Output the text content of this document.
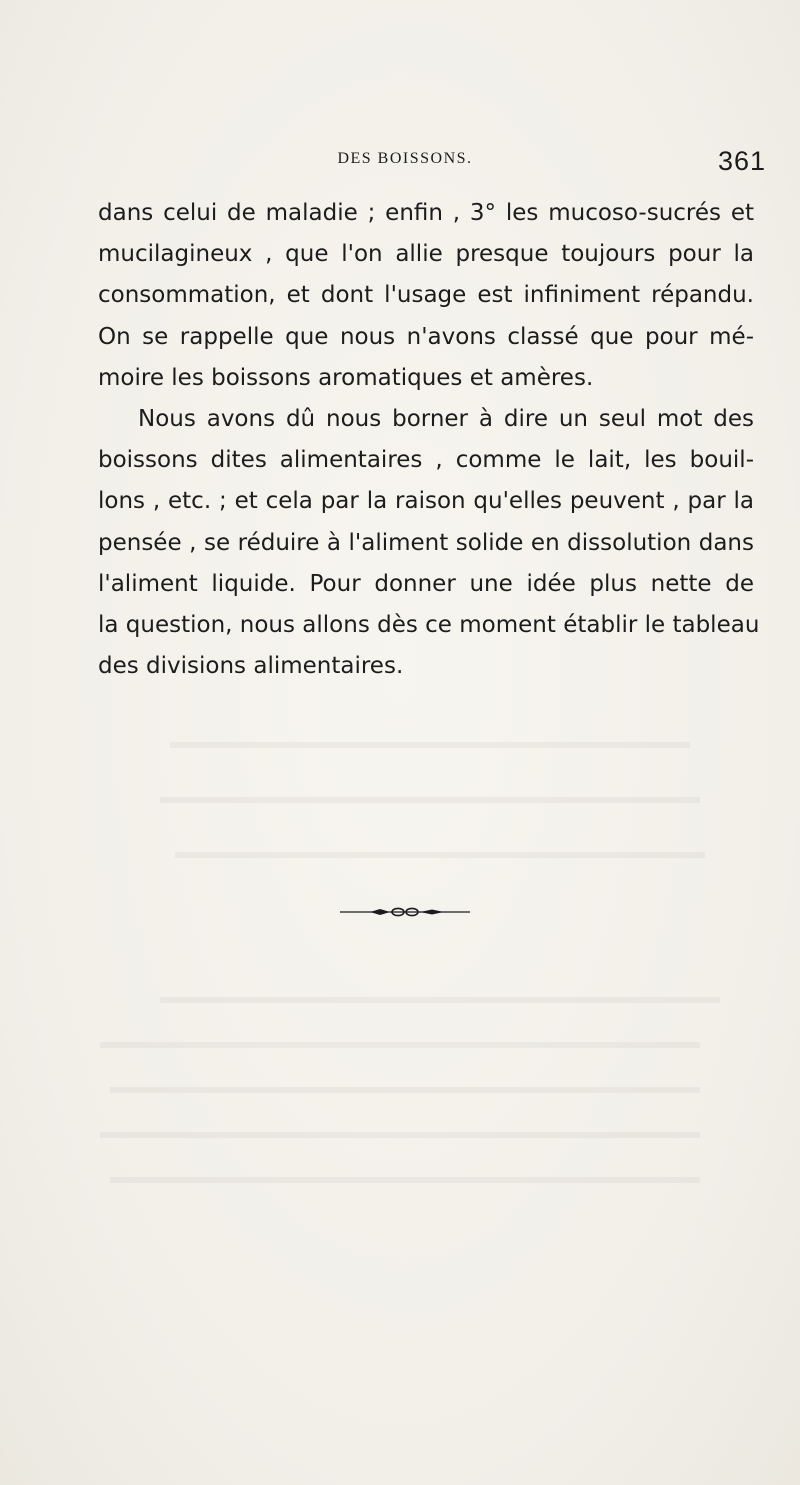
DES BOISSONS.	361
dans celui de maladie ; enfin , 3° les mucoso-sucrés et
mucilagineux , que l'on allie presque toujours pour la
consommation, et dont l'usage est infiniment répandu.
On se rappelle que nous n'avons classé que pour mé-
moire les boissons aromatiques et amères.
Nous avons dû nous borner à dire un seul mot des
boissons dites alimentaires , comme le lait, les bouil-
lons , etc. ; et cela par la raison qu'elles peuvent , par la
pensée , se réduire à l'aliment solide en dissolution dans
l'aliment liquide. Pour donner une idée plus nette de
la question, nous allons dès ce moment établir le tableau
des divisions alimentaires.
